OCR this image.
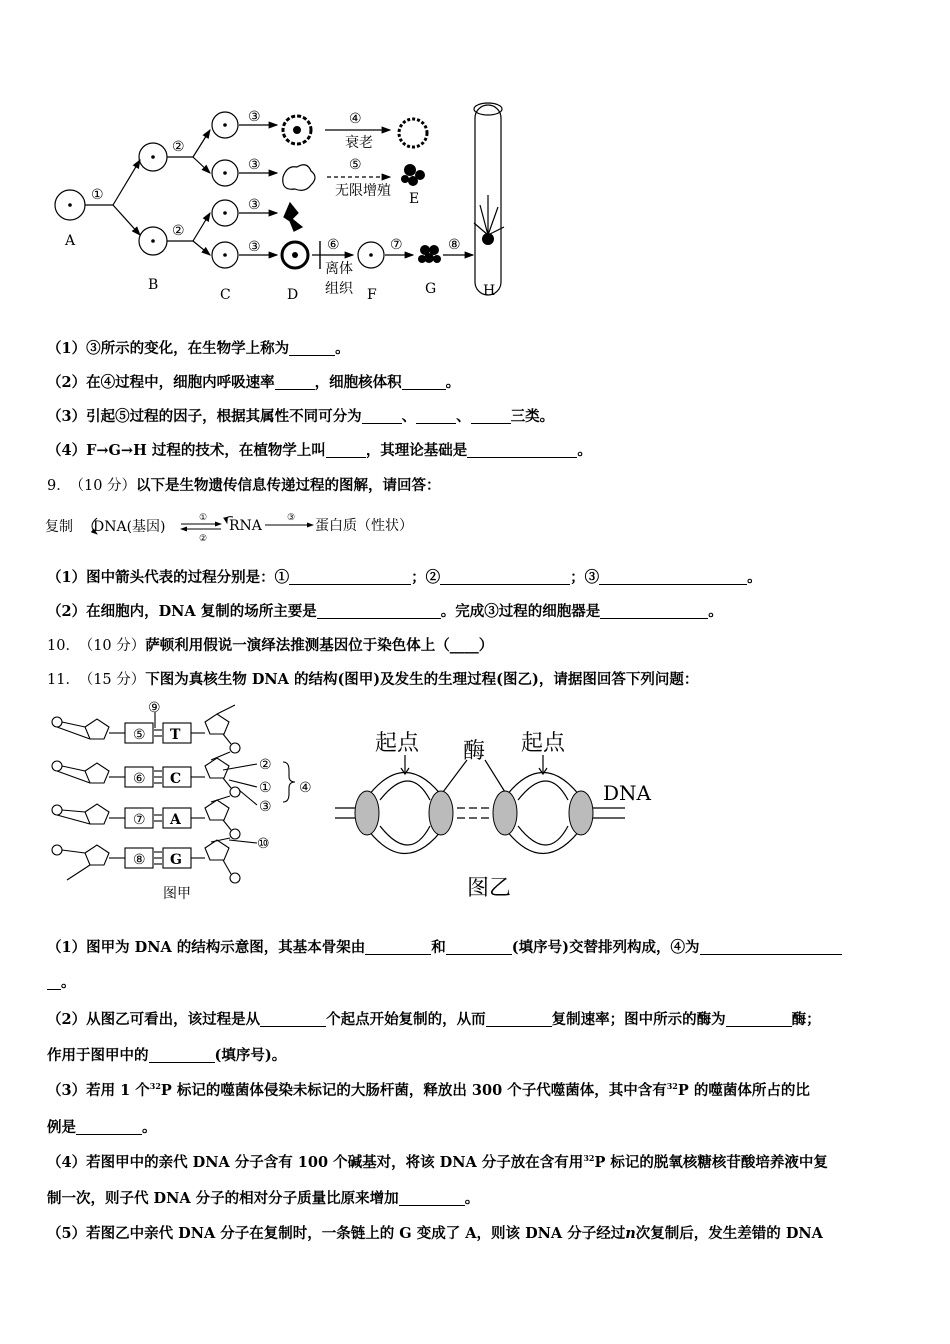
①
②
②
③
③
③
③
④
⑤
⑥	⑦	⑧
衰老
无限增殖
离体
组织
A
B
C	D
E
F	G	H
（1）③所示的变化，在生物学上称为	。
（2）在④过程中，细胞内呼吸速率	，细胞核体积	。
（3）引起⑤过程的因子，根据其属性不同可分为	、	、	三类。
（4）F→G→H 过程的技术，在植物学上叫	，其理论基础是	。
9． （10 分）以下是生物遗传信息传递过程的图解，请回答：
复制 DNA(基因)	RNA	蛋白质（性状）
①
②
③
（1）图中箭头代表的过程分别是：①	；②	；③	。
（2）在细胞内，DNA 复制的场所主要是	。完成③过程的细胞器是	。
10． （10 分）萨顿利用假说一演绎法推测基因位于染色体上（____）
11． （15 分）下图为真核生物 DNA 的结构(图甲)及发生的生理过程(图乙)，请据图回答下列问题：
⑤
⑥
⑦
⑧
T
C
A
G
⑨
②
①
③
④
⑩
图甲
起点 酶 起点
DNA
图乙
（1）图甲为 DNA 的结构示意图，其基本骨架由	和	(填序号)交替排列构成，④为
。
（2）从图乙可看出，该过程是从	个起点开始复制的，从而	复制速率；图中所示的酶为	酶；
作用于图甲中的	(填序号)。
（3）若用 1 个$^{32}$P 标记的噬菌体侵染未标记的大肠杆菌，释放出 300 个子代噬菌体，其中含有$^{32}$P 的噬菌体所占的比
例是	。
（4）若图甲中的亲代 DNA 分子含有 100 个碱基对，将该 DNA 分子放在含有用$^{32}$P 标记的脱氧核糖核苷酸培养液中复
制一次，则子代 DNA 分子的相对分子质量比原来增加	。
（5）若图乙中亲代 DNA 分子在复制时，一条链上的 G 变成了 A，则该 DNA 分子经过n次复制后，发生差错的 DNA
